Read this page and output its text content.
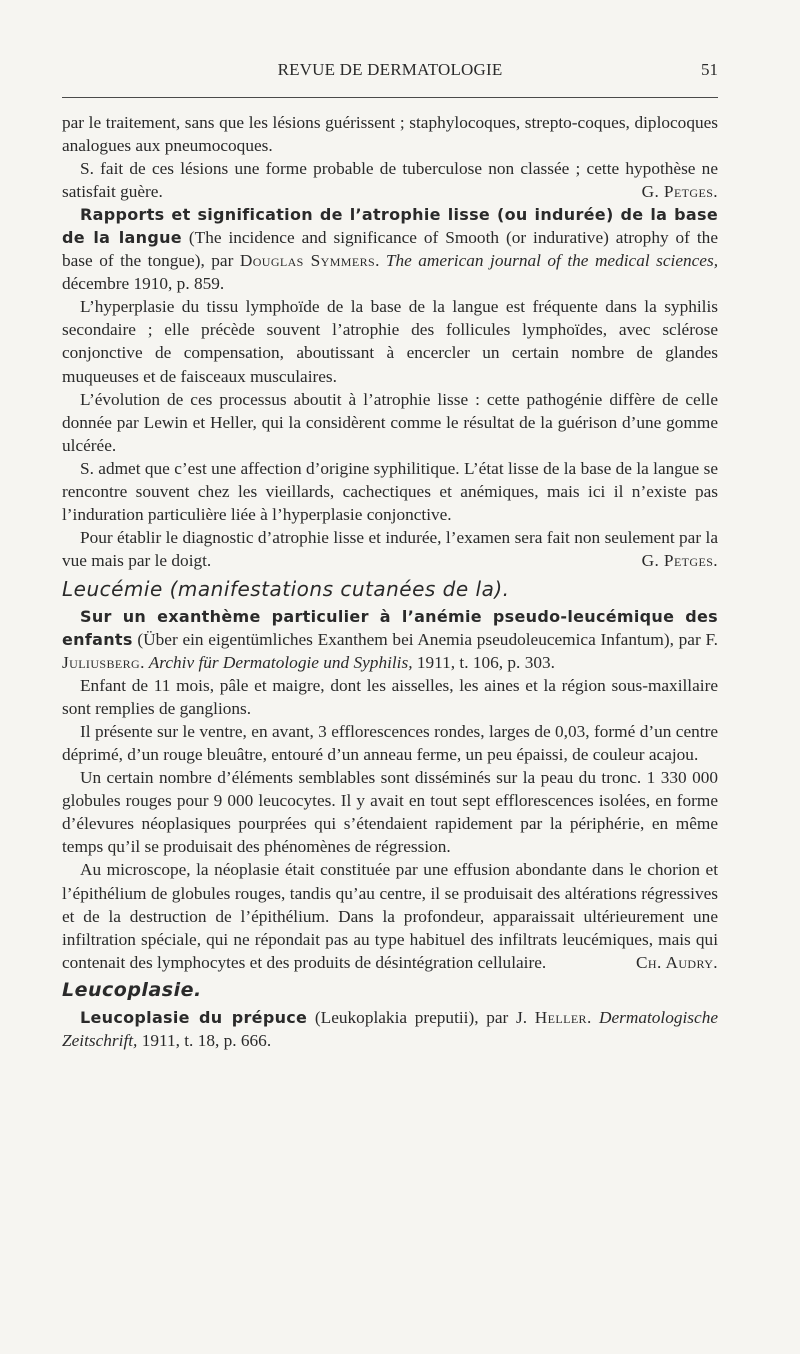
REVUE DE DERMATOLOGIE	51

par le traitement, sans que les lésions guérissent ; staphylocoques, strepto-coques, diplocoques analogues aux pneumocoques.

S. fait de ces lésions une forme probable de tuberculose non classée ; cette hypothèse ne satisfait guère.	G. Petges.

Rapports et signification de l’atrophie lisse (ou indurée) de la base de la langue (The incidence and significance of Smooth (or indurative) atrophy of the base of the tongue), par Douglas Symmers. The american journal of the medical sciences, décembre 1910, p. 859.

L’hyperplasie du tissu lymphoïde de la base de la langue est fréquente dans la syphilis secondaire ; elle précède souvent l’atrophie des follicules lymphoïdes, avec sclérose conjonctive de compensation, aboutissant à encercler un certain nombre de glandes muqueuses et de faisceaux musculaires.

L’évolution de ces processus aboutit à l’atrophie lisse : cette pathogénie diffère de celle donnée par Lewin et Heller, qui la considèrent comme le résultat de la guérison d’une gomme ulcérée.

S. admet que c’est une affection d’origine syphilitique. L’état lisse de la base de la langue se rencontre souvent chez les vieillards, cachectiques et anémiques, mais ici il n’existe pas l’induration particulière liée à l’hyperplasie conjonctive.

Pour établir le diagnostic d’atrophie lisse et indurée, l’examen sera fait non seulement par la vue mais par le doigt.	G. Petges.

Leucémie (manifestations cutanées de la).

Sur un exanthème particulier à l’anémie pseudo-leucémique des enfants (Über ein eigentümliches Exanthem bei Anemia pseudoleucemica Infantum), par F. Juliusberg. Archiv für Dermatologie und Syphilis, 1911, t. 106, p. 303.

Enfant de 11 mois, pâle et maigre, dont les aisselles, les aines et la région sous-maxillaire sont remplies de ganglions.

Il présente sur le ventre, en avant, 3 efflorescences rondes, larges de 0,03, formé d’un centre déprimé, d’un rouge bleuâtre, entouré d’un anneau ferme, un peu épaissi, de couleur acajou.

Un certain nombre d’éléments semblables sont disséminés sur la peau du tronc. 1 330 000 globules rouges pour 9 000 leucocytes. Il y avait en tout sept efflorescences isolées, en forme d’élevures néoplasiques pourprées qui s’étendaient rapidement par la périphérie, en même temps qu’il se produisait des phénomènes de régression.

Au microscope, la néoplasie était constituée par une effusion abondante dans le chorion et l’épithélium de globules rouges, tandis qu’au centre, il se produisait des altérations régressives et de la destruction de l’épithélium. Dans la profondeur, apparaissait ultérieurement une infiltration spéciale, qui ne répondait pas au type habituel des infiltrats leucémiques, mais qui contenait des lymphocytes et des produits de désintégration cellulaire.	Ch. Audry.

Leucoplasie.

Leucoplasie du prépuce (Leukoplakia preputii), par J. Heller. Dermatologische Zeitschrift, 1911, t. 18, p. 666.
